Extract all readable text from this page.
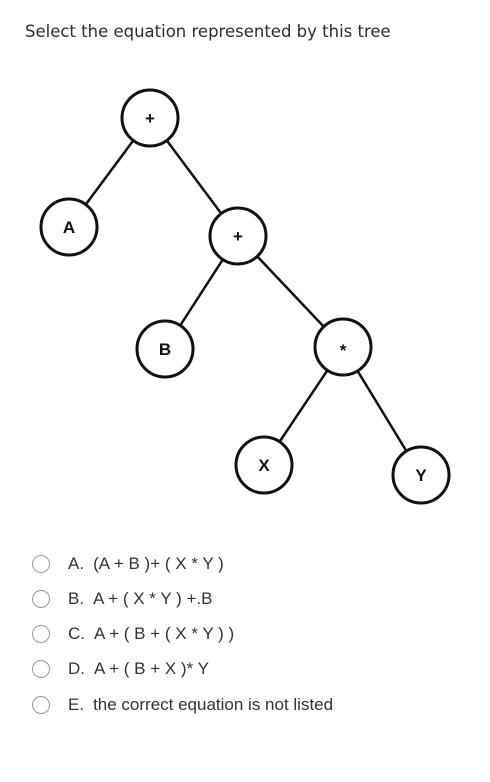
Select the equation represented by this tree
+
A	+
B	*
X
Y
A. (A + B )+ ( X * Y )
B. A + ( X * Y ) +.B
C. A + ( B + ( X * Y ) )
D. A + ( B + X )* Y
E. the correct equation is not listed
